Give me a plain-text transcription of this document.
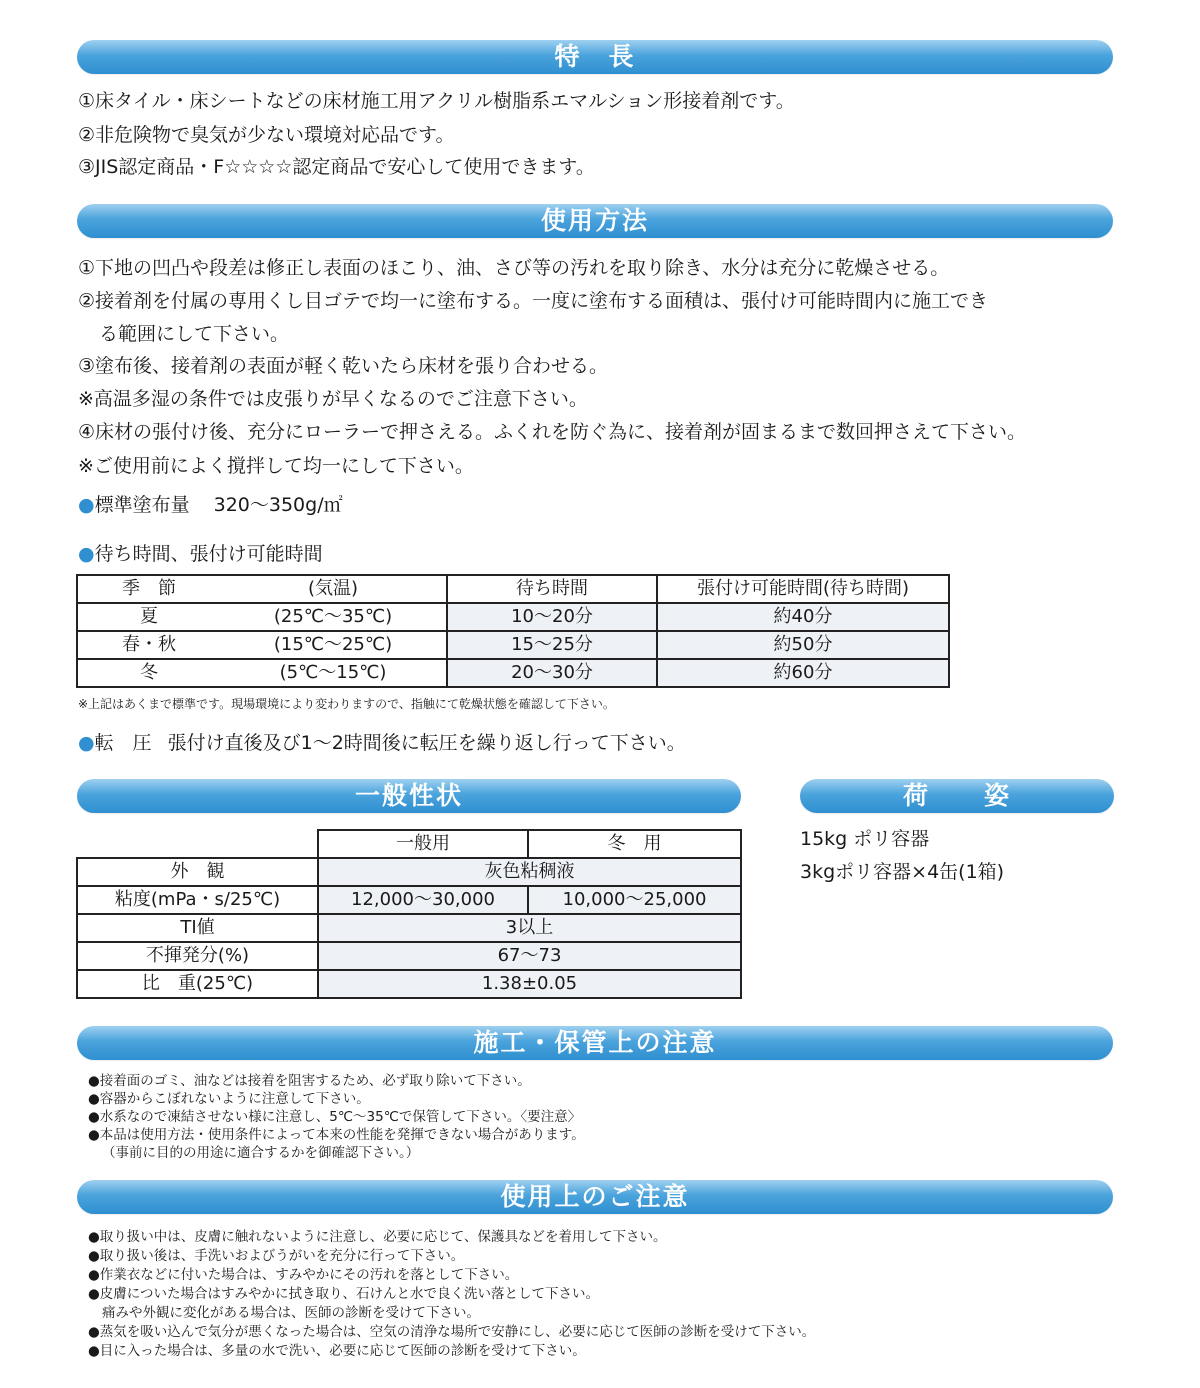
特　長
①床タイル・床シートなどの床材施工用アクリル樹脂系エマルション形接着剤です。
②非危険物で臭気が少ない環境対応品です。
③JIS認定商品・F☆☆☆☆認定商品で安心して使用できます。
使用方法
①下地の凹凸や段差は修正し表面のほこり、油、さび等の汚れを取り除き、水分は充分に乾燥させる。
②接着剤を付属の専用くし目ゴテで均一に塗布する。一度に塗布する面積は、張付け可能時間内に施工でき
る範囲にして下さい。
③塗布後、接着剤の表面が軽く乾いたら床材を張り合わせる。
※高温多湿の条件では皮張りが早くなるのでご注意下さい。
④床材の張付け後、充分にローラーで押さえる。ふくれを防ぐ為に、接着剤が固まるまで数回押さえて下さい。
※ご使用前によく撹拌して均一にして下さい。
●標準塗布量 320～350g/㎡
●待ち時間、張付け可能時間
季　節	(気温)	待ち時間	張付け可能時間(待ち時間)
夏	(25℃～35℃)	10～20分	約40分
春・秋	(15℃～25℃)	15～25分	約50分
冬	(5℃～15℃)	20～30分	約60分
※上記はあくまで標準です。現場環境により変わりますので、指触にて乾燥状態を確認して下さい。
●転　圧 張付け直後及び1～2時間後に転圧を繰り返し行って下さい。
一般性状
	一般用	冬　用
外　観	灰色粘稠液	
粘度(mPa・s/25℃)	12,000～30,000	10,000～25,000
TI値	3以上	
不揮発分(%)	67～73	
比　重(25℃)	1.38±0.05	
荷　　姿
15kg ポリ容器
3kgポリ容器×4缶(1箱)
施工・保管上の注意
●接着面のゴミ、油などは接着を阻害するため、必ず取り除いて下さい。
●容器からこぼれないように注意して下さい。
●水系なので凍結させない様に注意し、5℃～35℃で保管して下さい。〈要注意〉
●本品は使用方法・使用条件によって本来の性能を発揮できない場合があります。
（事前に目的の用途に適合するかを御確認下さい。）
使用上のご注意
●取り扱い中は、皮膚に触れないように注意し、必要に応じて、保護具などを着用して下さい。
●取り扱い後は、手洗いおよびうがいを充分に行って下さい。
●作業衣などに付いた場合は、すみやかにその汚れを落として下さい。
●皮膚についた場合はすみやかに拭き取り、石けんと水で良く洗い落として下さい。
痛みや外観に変化がある場合は、医師の診断を受けて下さい。
●蒸気を吸い込んで気分が悪くなった場合は、空気の清浄な場所で安静にし、必要に応じて医師の診断を受けて下さい。
●目に入った場合は、多量の水で洗い、必要に応じて医師の診断を受けて下さい。
